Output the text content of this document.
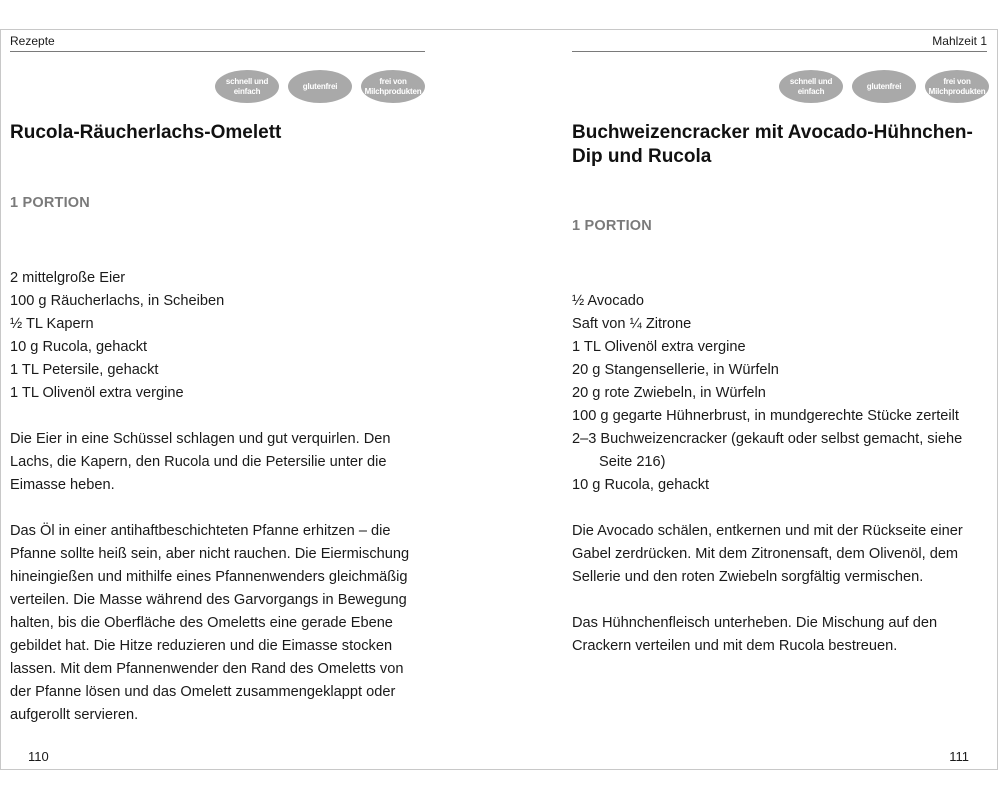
Rezepte
schnell und einfach
glutenfrei
frei von Milchprodukten
Rucola-Räucherlachs-Omelett
1 PORTION
2 mittelgroße Eier
100 g Räucherlachs, in Scheiben
½ TL Kapern
10 g Rucola, gehackt
1 TL Petersile, gehackt
1 TL Olivenöl extra vergine

Die Eier in eine Schüssel schlagen und gut verquirlen. Den Lachs, die Kapern, den Rucola und die Petersilie unter die Eimasse heben.

Das Öl in einer antihaftbeschichteten Pfanne erhitzen – die Pfanne sollte heiß sein, aber nicht rauchen. Die Eiermischung hineingießen und mithilfe eines Pfannenwenders gleichmäßig verteilen. Die Masse während des Garvorgangs in Bewegung halten, bis die Oberfläche des Omeletts eine gerade Ebene gebildet hat. Die Hitze reduzieren und die Eimasse stocken lassen. Mit dem Pfannenwender den Rand des Omeletts von der Pfanne lösen und das Omelett zusammengeklappt oder aufgerollt servieren.

110
Mahlzeit 1
schnell und einfach
glutenfrei
frei von Milchprodukten
Buchweizencracker mit Avocado-Hühnchen-Dip und Rucola
1 PORTION
½ Avocado
Saft von ¼ Zitrone
1 TL Olivenöl extra vergine
20 g Stangensellerie, in Würfeln
20 g rote Zwiebeln, in Würfeln
100 g gegarte Hühnerbrust, in mundgerechte Stücke zerteilt
2–3 Buchweizencracker (gekauft oder selbst gemacht, siehe Seite 216)
10 g Rucola, gehackt

Die Avocado schälen, entkernen und mit der Rückseite einer Gabel zerdrücken. Mit dem Zitronensaft, dem Olivenöl, dem Sellerie und den roten Zwiebeln sorgfältig vermischen.

Das Hühnchenfleisch unterheben. Die Mischung auf den Crackern verteilen und mit dem Rucola bestreuen.

111
